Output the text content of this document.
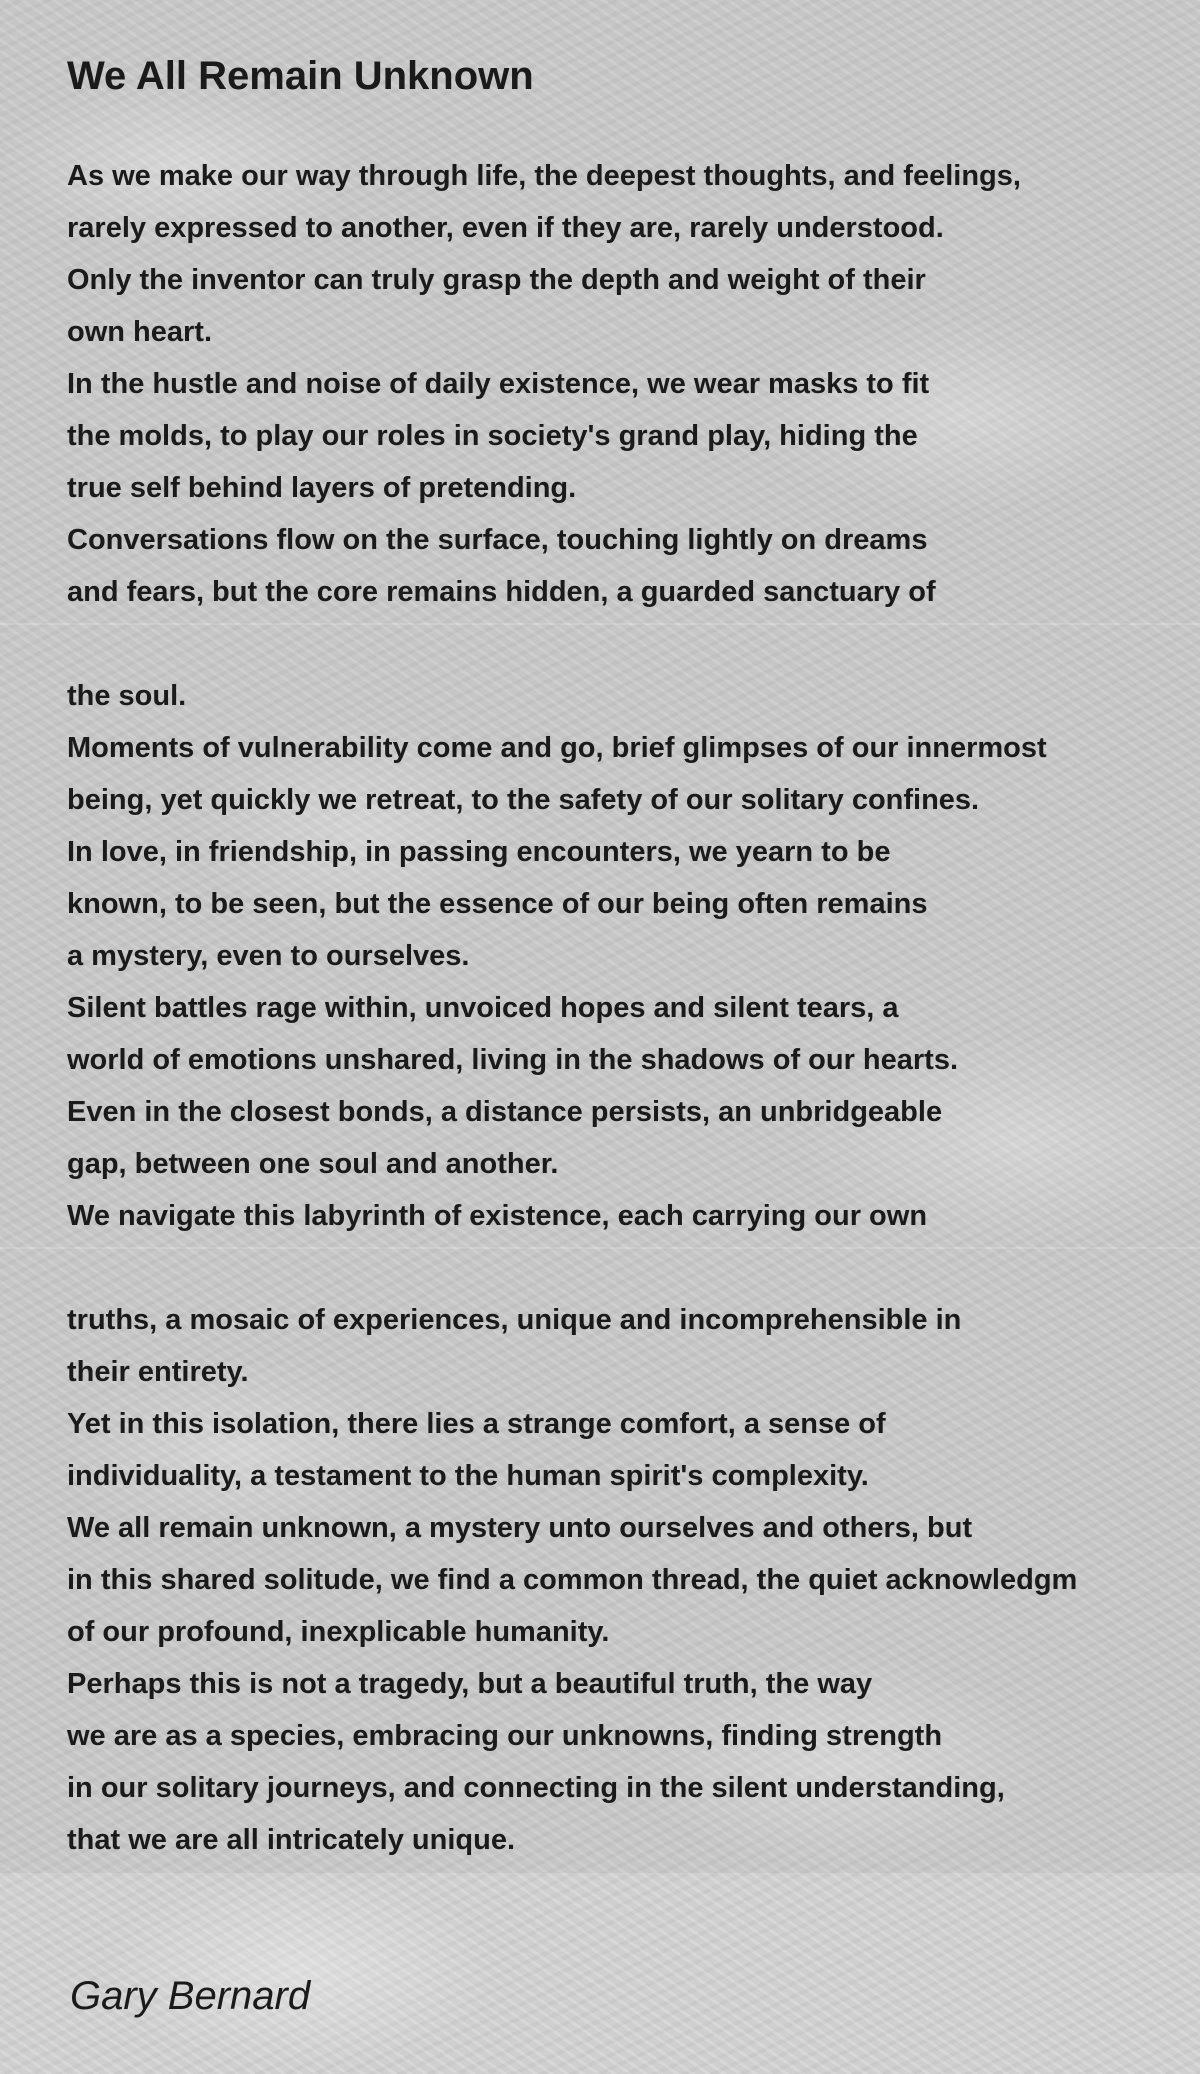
We All Remain Unknown
As we make our way through life, the deepest thoughts, and feelings,
rarely expressed to another, even if they are, rarely understood.
Only the inventor can truly grasp the depth and weight of their
own heart.
In the hustle and noise of daily existence, we wear masks to fit
the molds, to play our roles in society's grand play, hiding the
true self behind layers of pretending.
Conversations flow on the surface, touching lightly on dreams
and fears, but the core remains hidden, a guarded sanctuary of
the soul.
Moments of vulnerability come and go, brief glimpses of our innermost
being, yet quickly we retreat, to the safety of our solitary confines.
In love, in friendship, in passing encounters, we yearn to be
known, to be seen, but the essence of our being often remains
a mystery, even to ourselves.
Silent battles rage within, unvoiced hopes and silent tears, a
world of emotions unshared, living in the shadows of our hearts.
Even in the closest bonds, a distance persists, an unbridgeable
gap, between one soul and another.
We navigate this labyrinth of existence, each carrying our own
truths, a mosaic of experiences, unique and incomprehensible in
their entirety.
Yet in this isolation, there lies a strange comfort, a sense of
individuality, a testament to the human spirit's complexity.
We all remain unknown, a mystery unto ourselves and others, but
in this shared solitude, we find a common thread, the quiet acknowledgm
of our profound, inexplicable humanity.
Perhaps this is not a tragedy, but a beautiful truth, the way
we are as a species, embracing our unknowns, finding strength
in our solitary journeys, and connecting in the silent understanding,
that we are all intricately unique.
Gary Bernard
